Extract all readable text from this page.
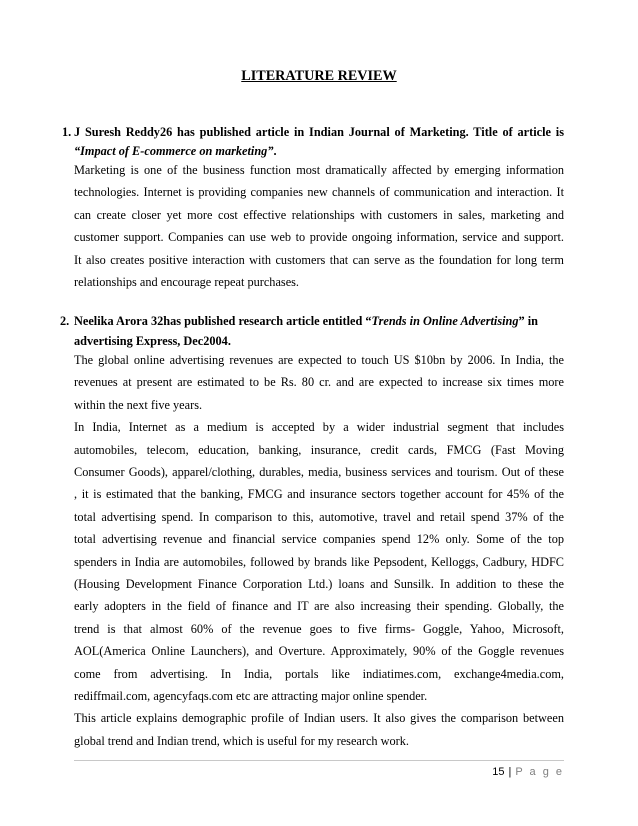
LITERATURE REVIEW
1. J Suresh Reddy26 has published article in Indian Journal of Marketing. Title of article is
“Impact of E-commerce on marketing”.
Marketing is one of the business function most dramatically affected by emerging information
technologies. Internet is providing companies new channels of communication and interaction. It
can create closer yet more cost effective relationships with customers in sales, marketing and
customer support. Companies can use web to provide ongoing information, service and support.
It also creates positive interaction with customers that can serve as the foundation for long term
relationships and encourage repeat purchases.
2. Neelika Arora 32has published research article entitled “Trends in Online Advertising” in
advertising Express, Dec2004.
The global online advertising revenues are expected to touch US $10bn by 2006. In India, the
revenues at present are estimated to be Rs. 80 cr. and are expected to increase six times more
within the next five years.
In India, Internet as a medium is accepted by a wider industrial segment that includes
automobiles, telecom, education, banking, insurance, credit cards, FMCG (Fast Moving
Consumer Goods), apparel/clothing, durables, media, business services and tourism. Out of these
, it is estimated that the banking, FMCG and insurance sectors together account for 45% of the
total advertising spend. In comparison to this, automotive, travel and retail spend 37% of the
total advertising revenue and financial service companies spend 12% only. Some of the top
spenders in India are automobiles, followed by brands like Pepsodent, Kelloggs, Cadbury, HDFC
(Housing Development Finance Corporation Ltd.) loans and Sunsilk. In addition to these the
early adopters in the field of finance and IT are also increasing their spending. Globally, the
trend is that almost 60% of the revenue goes to five firms- Goggle, Yahoo, Microsoft,
AOL(America Online Launchers), and Overture. Approximately, 90% of the Goggle revenues
come from advertising. In India, portals like indiatimes.com, exchange4media.com,
rediffmail.com, agencyfaqs.com etc are attracting major online spender.
This article explains demographic profile of Indian users. It also gives the comparison between
global trend and Indian trend, which is useful for my research work.
15 | P a g e
